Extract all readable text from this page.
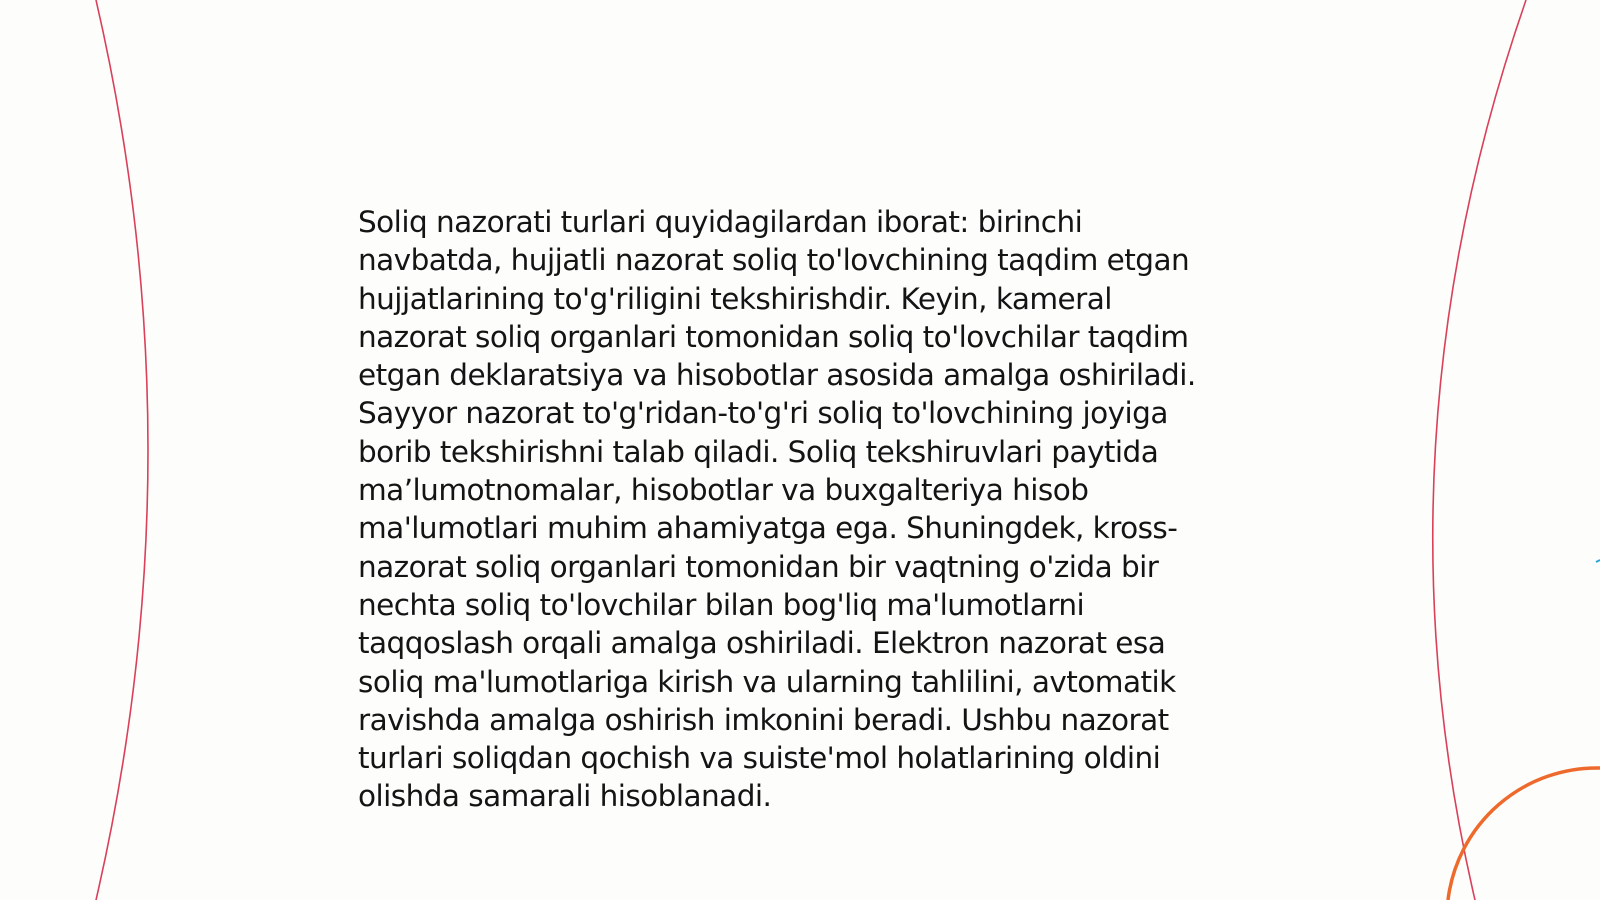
Soliq nazorati turlari quyidagilardan iborat: birinchi
navbatda, hujjatli nazorat soliq to'lovchining taqdim etgan
hujjatlarining to'g'riligini tekshirishdir. Keyin, kameral
nazorat soliq organlari tomonidan soliq to'lovchilar taqdim
etgan deklaratsiya va hisobotlar asosida amalga oshiriladi.
Sayyor nazorat to'g'ridan-to'g'ri soliq to'lovchining joyiga
borib tekshirishni talab qiladi. Soliq tekshiruvlari paytida
ma’lumotnomalar, hisobotlar va buxgalteriya hisob
ma'lumotlari muhim ahamiyatga ega. Shuningdek, kross-
nazorat soliq organlari tomonidan bir vaqtning o'zida bir
nechta soliq to'lovchilar bilan bog'liq ma'lumotlarni
taqqoslash orqali amalga oshiriladi. Elektron nazorat esa
soliq ma'lumotlariga kirish va ularning tahlilini, avtomatik
ravishda amalga oshirish imkonini beradi. Ushbu nazorat
turlari soliqdan qochish va suiste'mol holatlarining oldini
olishda samarali hisoblanadi.
